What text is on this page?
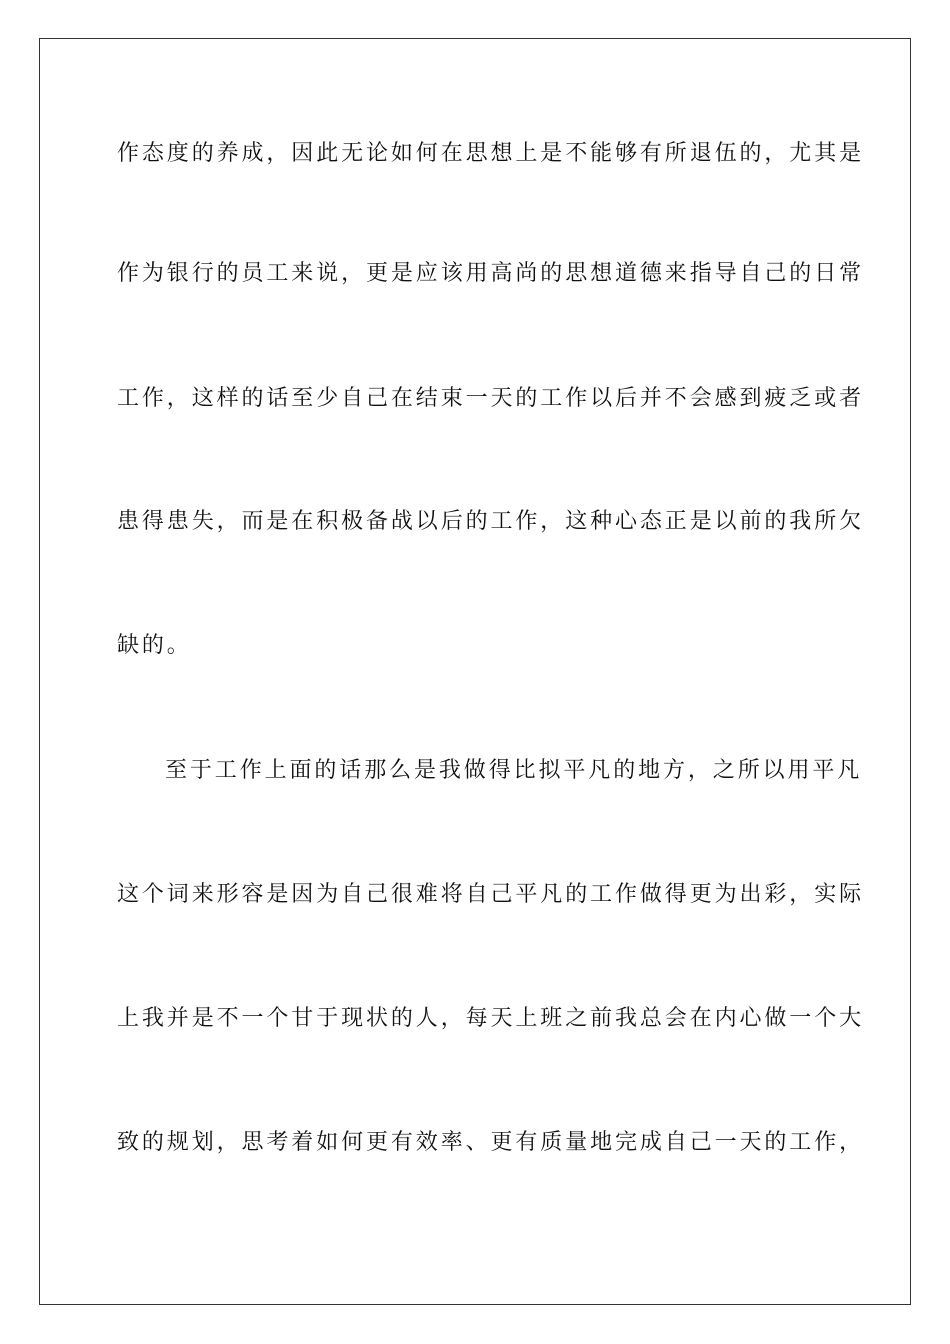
作态度的养成，因此无论如何在思想上是不能够有所退伍的，尤其是
作为银行的员工来说，更是应该用高尚的思想道德来指导自己的日常
工作，这样的话至少自己在结束一天的工作以后并不会感到疲乏或者
患得患失，而是在积极备战以后的工作，这种心态正是以前的我所欠
缺的。
至于工作上面的话那么是我做得比拟平凡的地方，之所以用平凡
这个词来形容是因为自己很难将自己平凡的工作做得更为出彩，实际
上我并是不一个甘于现状的人，每天上班之前我总会在内心做一个大
致的规划，思考着如何更有效率、更有质量地完成自己一天的工作，
